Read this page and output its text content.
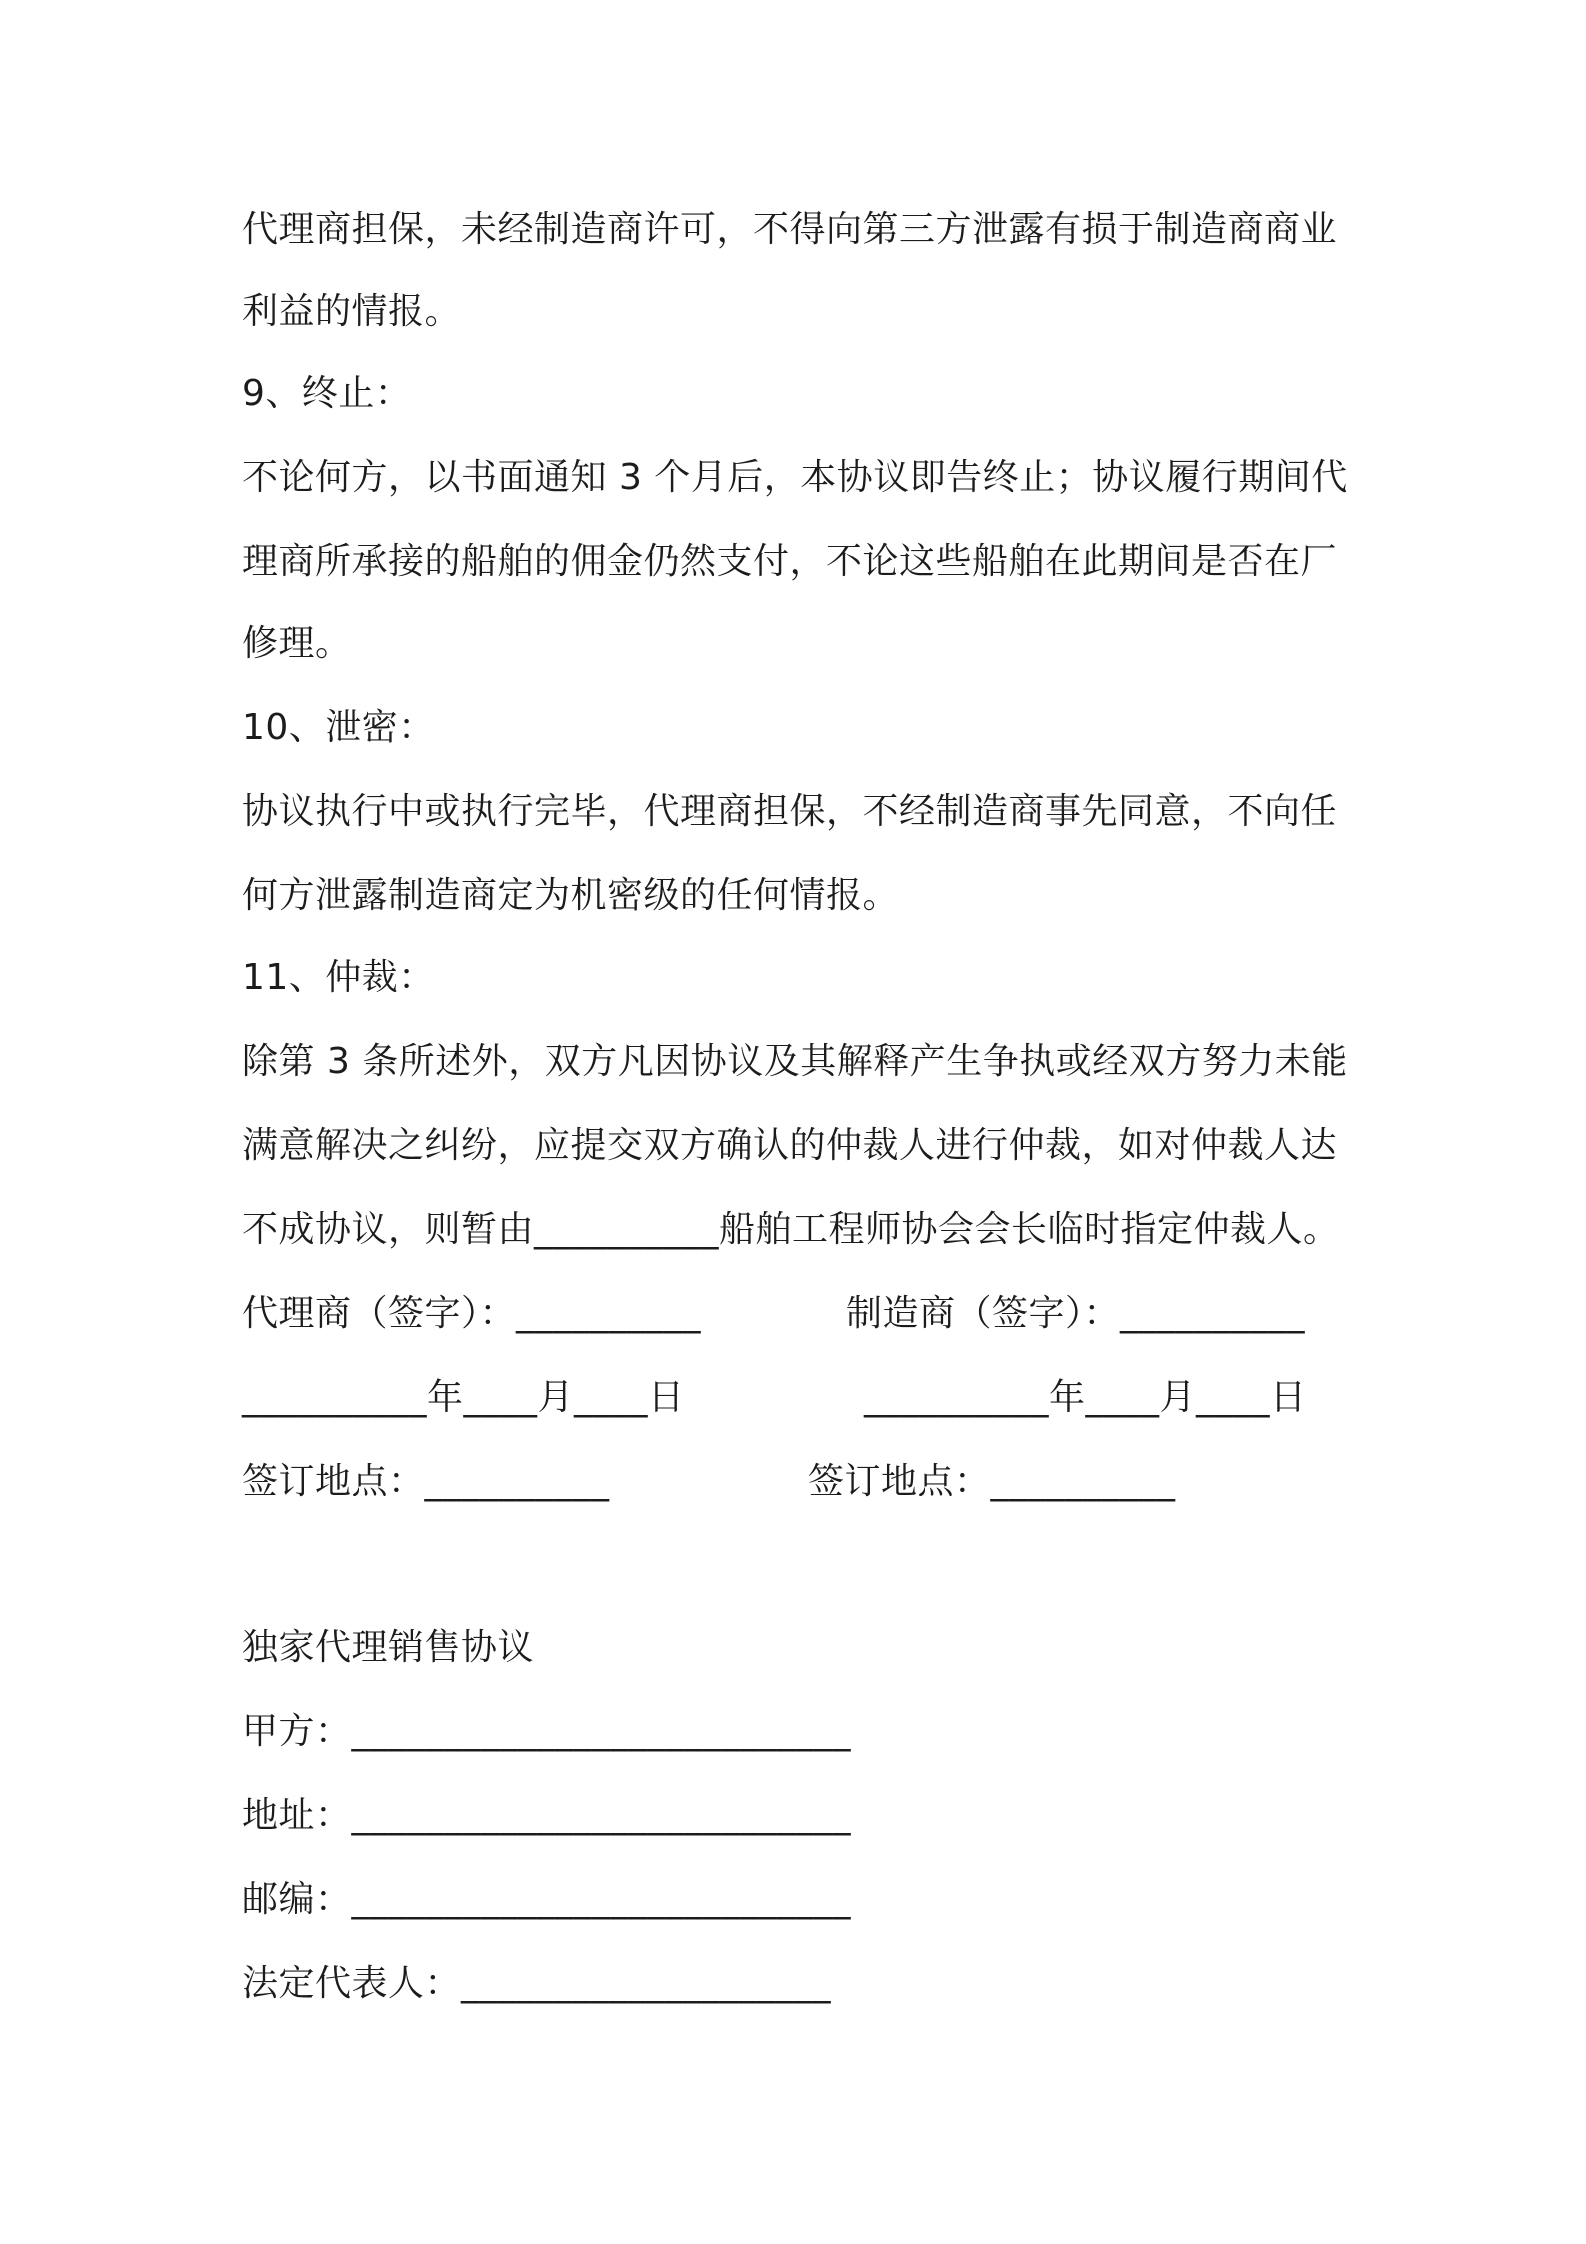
代理商担保，未经制造商许可，不得向第三方泄露有损于制造商商业
利益的情报。
9、终止：
不论何方，以书面通知 3 个月后，本协议即告终止；协议履行期间代
理商所承接的船舶的佣金仍然支付，不论这些船舶在此期间是否在厂
修理。
10、泄密：
协议执行中或执行完毕，代理商担保，不经制造商事先同意，不向任
何方泄露制造商定为机密级的任何情报。
11、仲裁：
除第 3 条所述外，双方凡因协议及其解释产生争执或经双方努力未能
满意解决之纠纷，应提交双方确认的仲裁人进行仲裁，如对仲裁人达
不成协议，则暂由__________船舶工程师协会会长临时指定仲裁人。
代理商（签字）：__________	制造商（签字）：__________
__________年____月____日	__________年____月____日
签订地点：__________	签订地点：__________
独家代理销售协议
甲方：___________________________
地址：___________________________
邮编：___________________________
法定代表人：____________________
